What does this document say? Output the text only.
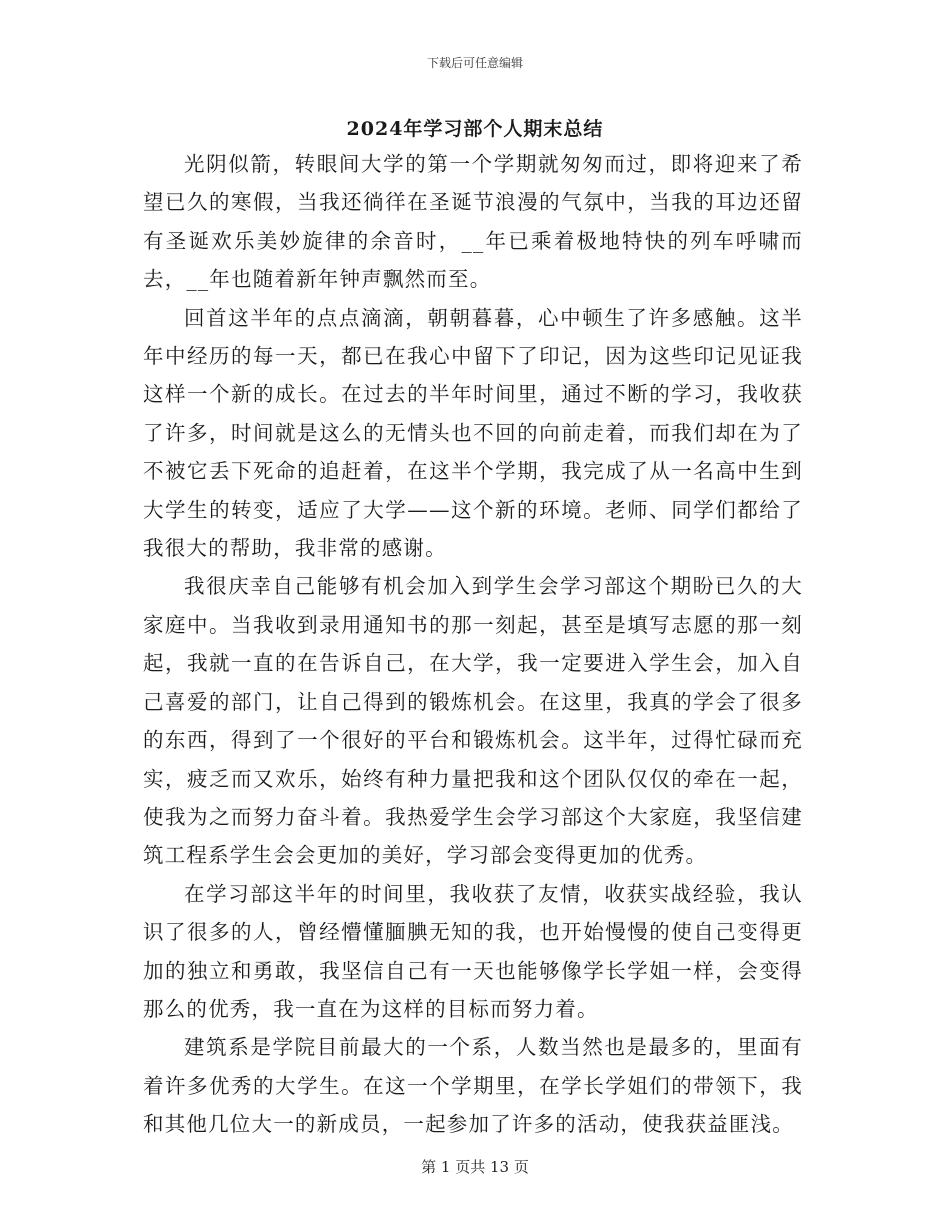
下载后可任意编辑
2024年学习部个人期末总结

光阴似箭，转眼间大学的第一个学期就匆匆而过，即将迎来了希望已久的寒假，当我还徜徉在圣诞节浪漫的气氛中，当我的耳边还留有圣诞欢乐美妙旋律的余音时，__年已乘着极地特快的列车呼啸而去，__年也随着新年钟声飘然而至。

回首这半年的点点滴滴，朝朝暮暮，心中顿生了许多感触。这半年中经历的每一天，都已在我心中留下了印记，因为这些印记见证我这样一个新的成长。在过去的半年时间里，通过不断的学习，我收获了许多，时间就是这么的无情头也不回的向前走着，而我们却在为了不被它丢下死命的追赶着，在这半个学期，我完成了从一名高中生到大学生的转变，适应了大学——这个新的环境。老师、同学们都给了我很大的帮助，我非常的感谢。

我很庆幸自己能够有机会加入到学生会学习部这个期盼已久的大家庭中。当我收到录用通知书的那一刻起，甚至是填写志愿的那一刻起，我就一直的在告诉自己，在大学，我一定要进入学生会，加入自己喜爱的部门，让自己得到的锻炼机会。在这里，我真的学会了很多的东西，得到了一个很好的平台和锻炼机会。这半年，过得忙碌而充实，疲乏而又欢乐，始终有种力量把我和这个团队仅仅的牵在一起，使我为之而努力奋斗着。我热爱学生会学习部这个大家庭，我坚信建筑工程系学生会会更加的美好，学习部会变得更加的优秀。

在学习部这半年的时间里，我收获了友情，收获实战经验，我认识了很多的人，曾经懵懂腼腆无知的我，也开始慢慢的使自己变得更加的独立和勇敢，我坚信自己有一天也能够像学长学姐一样，会变得那么的优秀，我一直在为这样的目标而努力着。

建筑系是学院目前最大的一个系，人数当然也是最多的，里面有着许多优秀的大学生。在这一个学期里，在学长学姐们的带领下，我和其他几位大一的新成员，一起参加了许多的活动，使我获益匪浅。

第 1 页共 13 页
